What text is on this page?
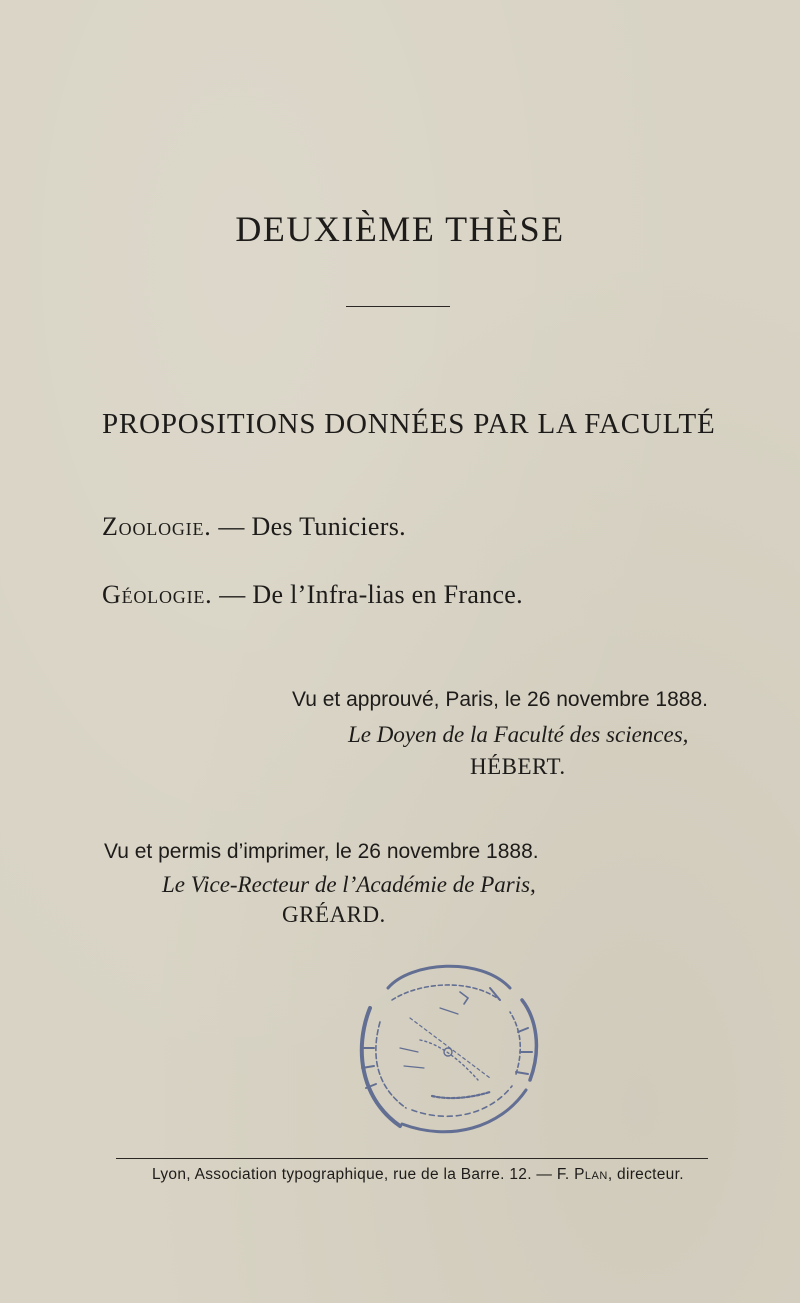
DEUXIÈME THÈSE
PROPOSITIONS DONNÉES PAR LA FACULTÉ
Zoologie. — Des Tuniciers.
Géologie. — De l’Infra-lias en France.
Vu et approuvé, Paris, le 26 novembre 1888.
Le Doyen de la Faculté des sciences,
HÉBERT.
Vu et permis d’imprimer, le 26 novembre 1888.
Le Vice-Recteur de l’Académie de Paris,
GRÉARD.
Lyon, Association typographique, rue de la Barre. 12. — F. Plan, directeur.
